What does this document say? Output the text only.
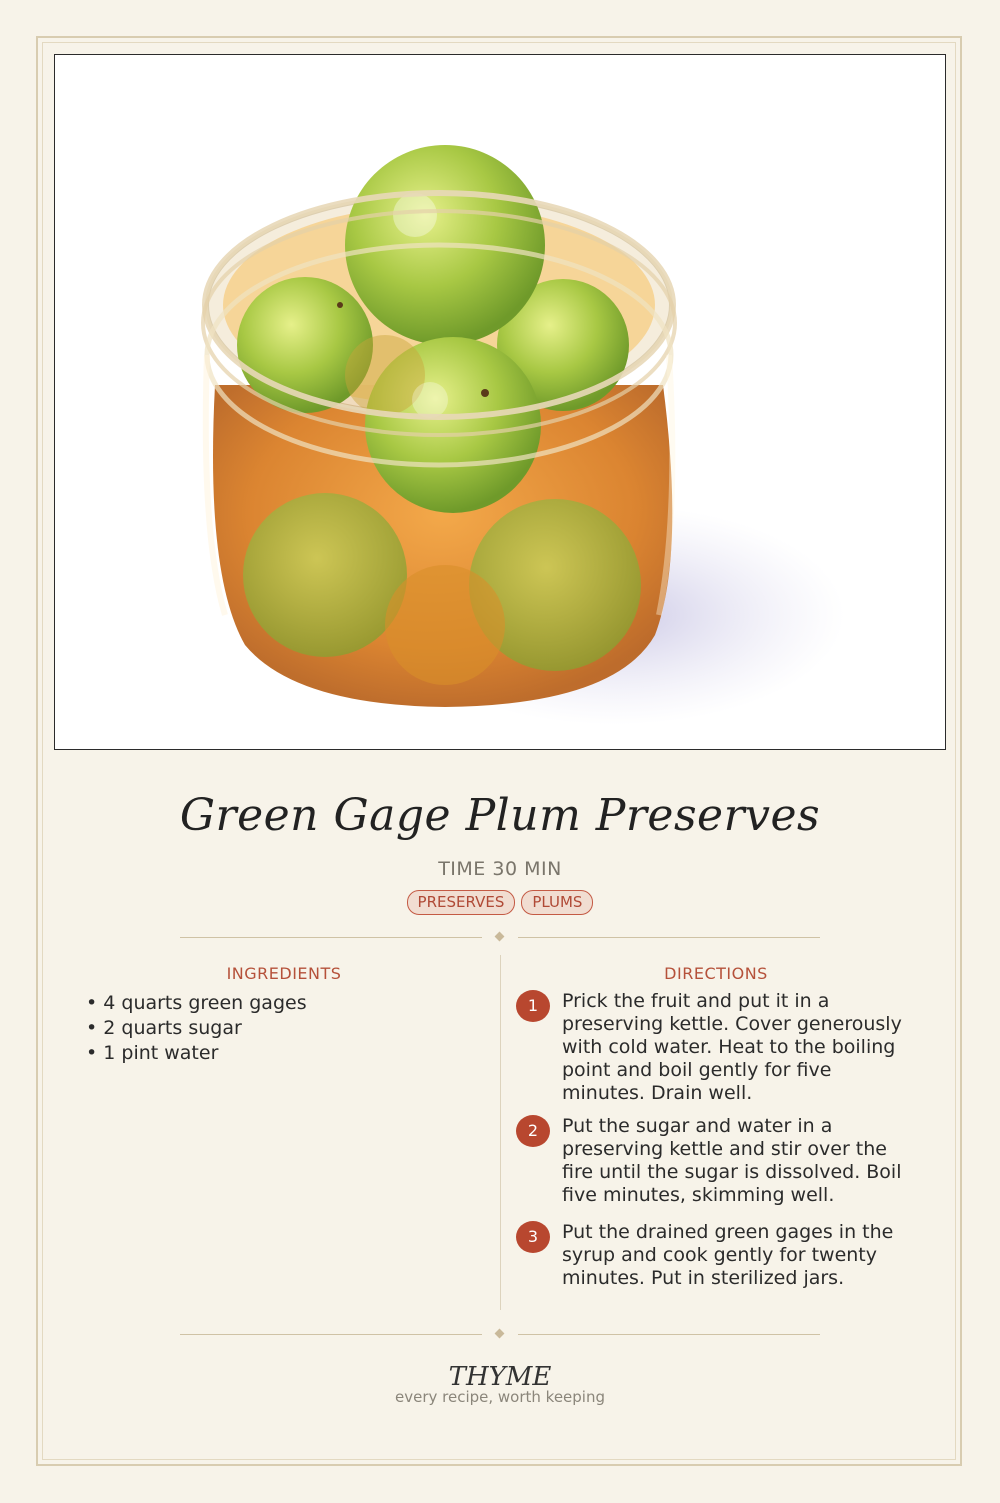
Green Gage Plum Preserves
TIME 30 MIN
PRESERVES PLUMS
INGREDIENTS
• 4 quarts green gages
• 2 quarts sugar
• 1 pint water
DIRECTIONS
1	Prick the fruit and put it in a preserving kettle. Cover generously with cold water. Heat to the boiling point and boil gently for five minutes. Drain well.
2	Put the sugar and water in a preserving kettle and stir over the fire until the sugar is dissolved. Boil five minutes, skimming well.
3	Put the drained green gages in the syrup and cook gently for twenty minutes. Put in sterilized jars.
THYME
every recipe, worth keeping
